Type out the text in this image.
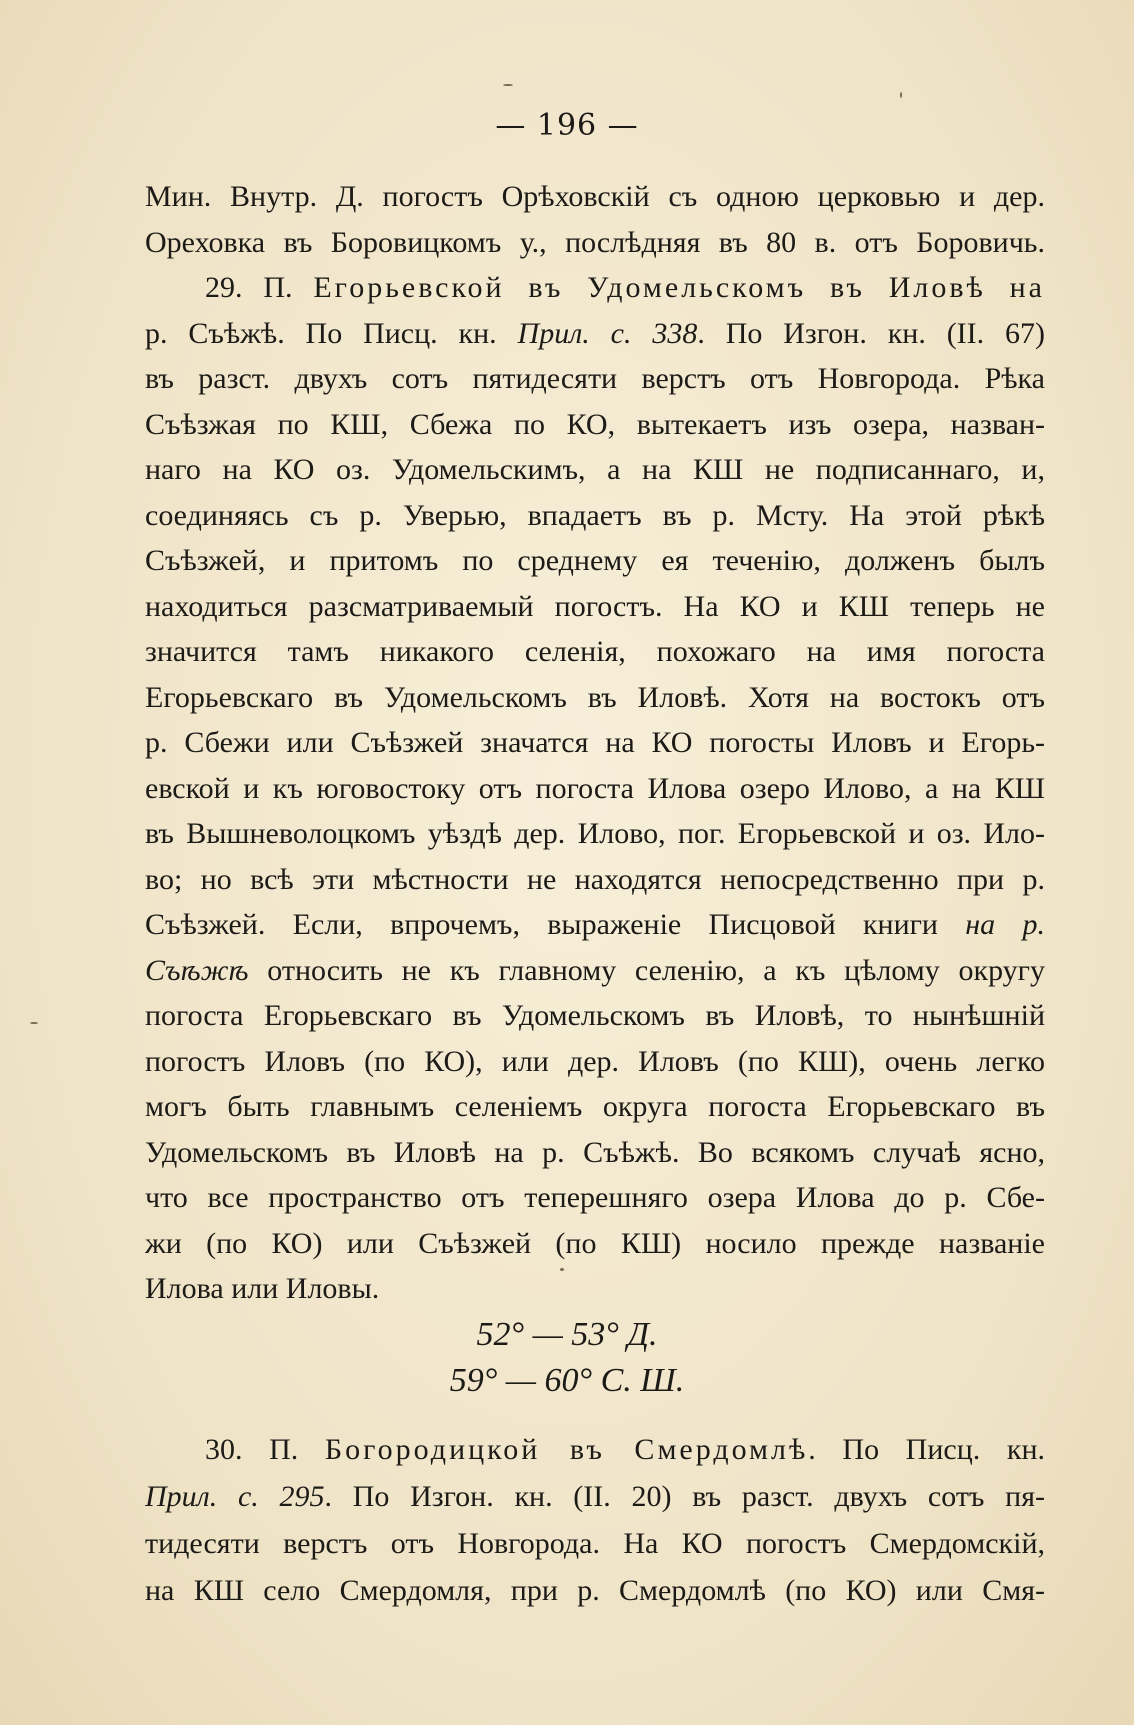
— 196 —
Мин. Внутр. Д. погостъ Орѣховскій съ одною церковью и дер.
Ореховка въ Боровицкомъ у., послѣдняя въ 80 в. отъ Боровичь.
29. П. Егорьевской въ Удомельскомъ въ Иловѣ на
р. Съѣжѣ. По Писц. кн. Прил. с. 338. По Изгон. кн. (II. 67)
въ разст. двухъ сотъ пятидесяти верстъ отъ Новгорода. Рѣка
Съѣзжая по КШ, Сбежа по КО, вытекаетъ изъ озера, назван-
наго на КО оз. Удомельскимъ, а на КШ не подписаннаго, и,
соединяясь съ р. Уверью, впадаетъ въ р. Мсту. На этой рѣкѣ
Съѣзжей, и притомъ по среднему ея теченію, долженъ былъ
находиться разсматриваемый погостъ. На КО и КШ теперь не
значится тамъ никакого селенія, похожаго на имя погоста
Егорьевскаго въ Удомельскомъ въ Иловѣ. Хотя на востокъ отъ
р. Сбежи или Съѣзжей значатся на КО погосты Иловъ и Егорь-
евской и къ юговостоку отъ погоста Илова озеро Илово, а на КШ
въ Вышневолоцкомъ уѣздѣ дер. Илово, пог. Егорьевской и оз. Ило-
во; но всѣ эти мѣстности не находятся непосредственно при р.
Съѣзжей. Если, впрочемъ, выраженіе Писцовой книги на р.
Съѣжѣ относить не къ главному селенію, а къ цѣлому округу
погоста Егорьевскаго въ Удомельскомъ въ Иловѣ, то нынѣшній
погостъ Иловъ (по КО), или дер. Иловъ (по КШ), очень легко
могъ быть главнымъ селеніемъ округа погоста Егорьевскаго въ
Удомельскомъ въ Иловѣ на р. Съѣжѣ. Во всякомъ случаѣ ясно,
что все пространство отъ теперешняго озера Илова до р. Сбе-
жи (по КО) или Съѣзжей (по КШ) носило прежде названіе
Илова или Иловы.
52° — 53° Д.
59° — 60° С. Ш.
30. П. Богородицкой въ Смердомлѣ. По Писц. кн.
Прил. с. 295. По Изгон. кн. (II. 20) въ разст. двухъ сотъ пя-
тидесяти верстъ отъ Новгорода. На КО погостъ Смердомскій,
на КШ село Смердомля, при р. Смердомлѣ (по КО) или Смя-
